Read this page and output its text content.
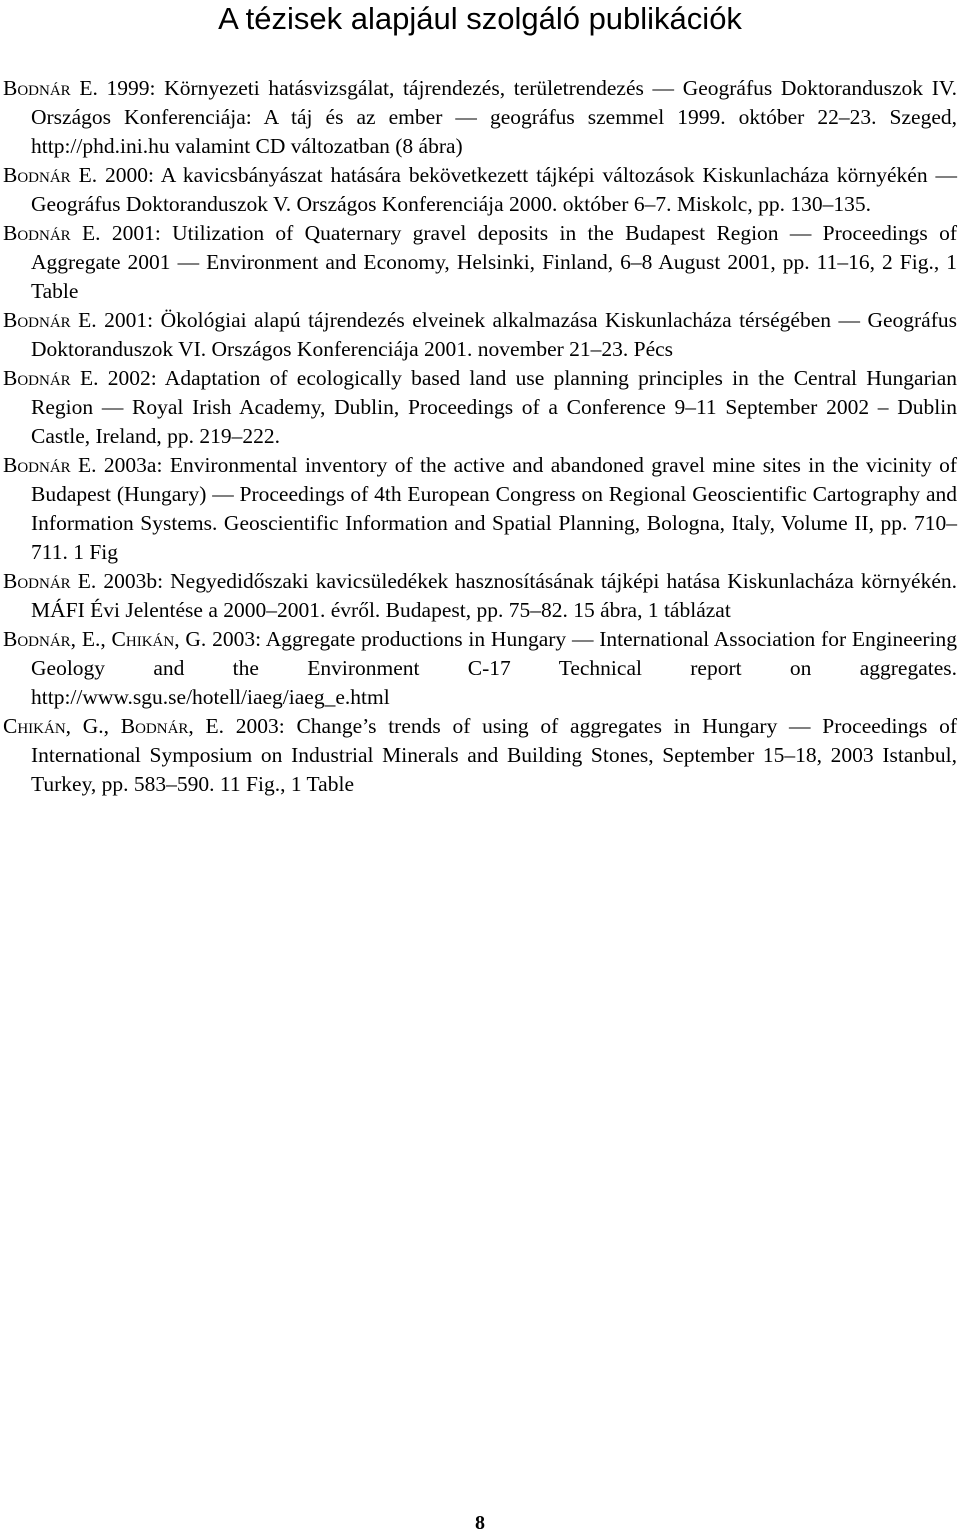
A tézisek alapjául szolgáló publikációk

Bodnár E. 1999: Környezeti hatásvizsgálat, tájrendezés, területrendezés — Geográfus Doktoranduszok IV. Országos Konferenciája: A táj és az ember — geográfus szemmel 1999. október 22–23. Szeged, http://phd.ini.hu valamint CD változatban (8 ábra)

Bodnár E. 2000: A kavicsbányászat hatására bekövetkezett tájképi változások Kiskunlacháza környékén — Geográfus Doktoranduszok V. Országos Konferenciája 2000. október 6–7. Miskolc, pp. 130–135.

Bodnár E. 2001: Utilization of Quaternary gravel deposits in the Budapest Region — Proceedings of Aggregate 2001 — Environment and Economy, Helsinki, Finland, 6–8 August 2001, pp. 11–16, 2 Fig., 1 Table

Bodnár E. 2001: Ökológiai alapú tájrendezés elveinek alkalmazása Kiskunlacháza térségében — Geográfus Doktoranduszok VI. Országos Konferenciája 2001. november 21–23. Pécs

Bodnár E. 2002: Adaptation of ecologically based land use planning principles in the Central Hungarian Region — Royal Irish Academy, Dublin, Proceedings of a Conference 9–11 September 2002 – Dublin Castle, Ireland, pp. 219–222.

Bodnár E. 2003a: Environmental inventory of the active and abandoned gravel mine sites in the vicinity of Budapest (Hungary) — Proceedings of 4th European Congress on Regional Geoscientific Cartography and Information Systems. Geoscientific Information and Spatial Planning, Bologna, Italy, Volume II, pp. 710–711. 1 Fig

Bodnár E. 2003b: Negyedidőszaki kavicsüledékek hasznosításának tájképi hatása Kiskunlacháza környékén. MÁFI Évi Jelentése a 2000–2001. évről. Budapest, pp. 75–82. 15 ábra, 1 táblázat

Bodnár, E., Chikán, G. 2003: Aggregate productions in Hungary — International Association for Engineering Geology and the Environment C-17 Technical report on aggregates. http://www.sgu.se/hotell/iaeg/iaeg_e.html

Chikán, G., Bodnár, E. 2003: Change’s trends of using of aggregates in Hungary — Proceedings of International Symposium on Industrial Minerals and Building Stones, September 15–18, 2003 Istanbul, Turkey, pp. 583–590. 11 Fig., 1 Table

8
